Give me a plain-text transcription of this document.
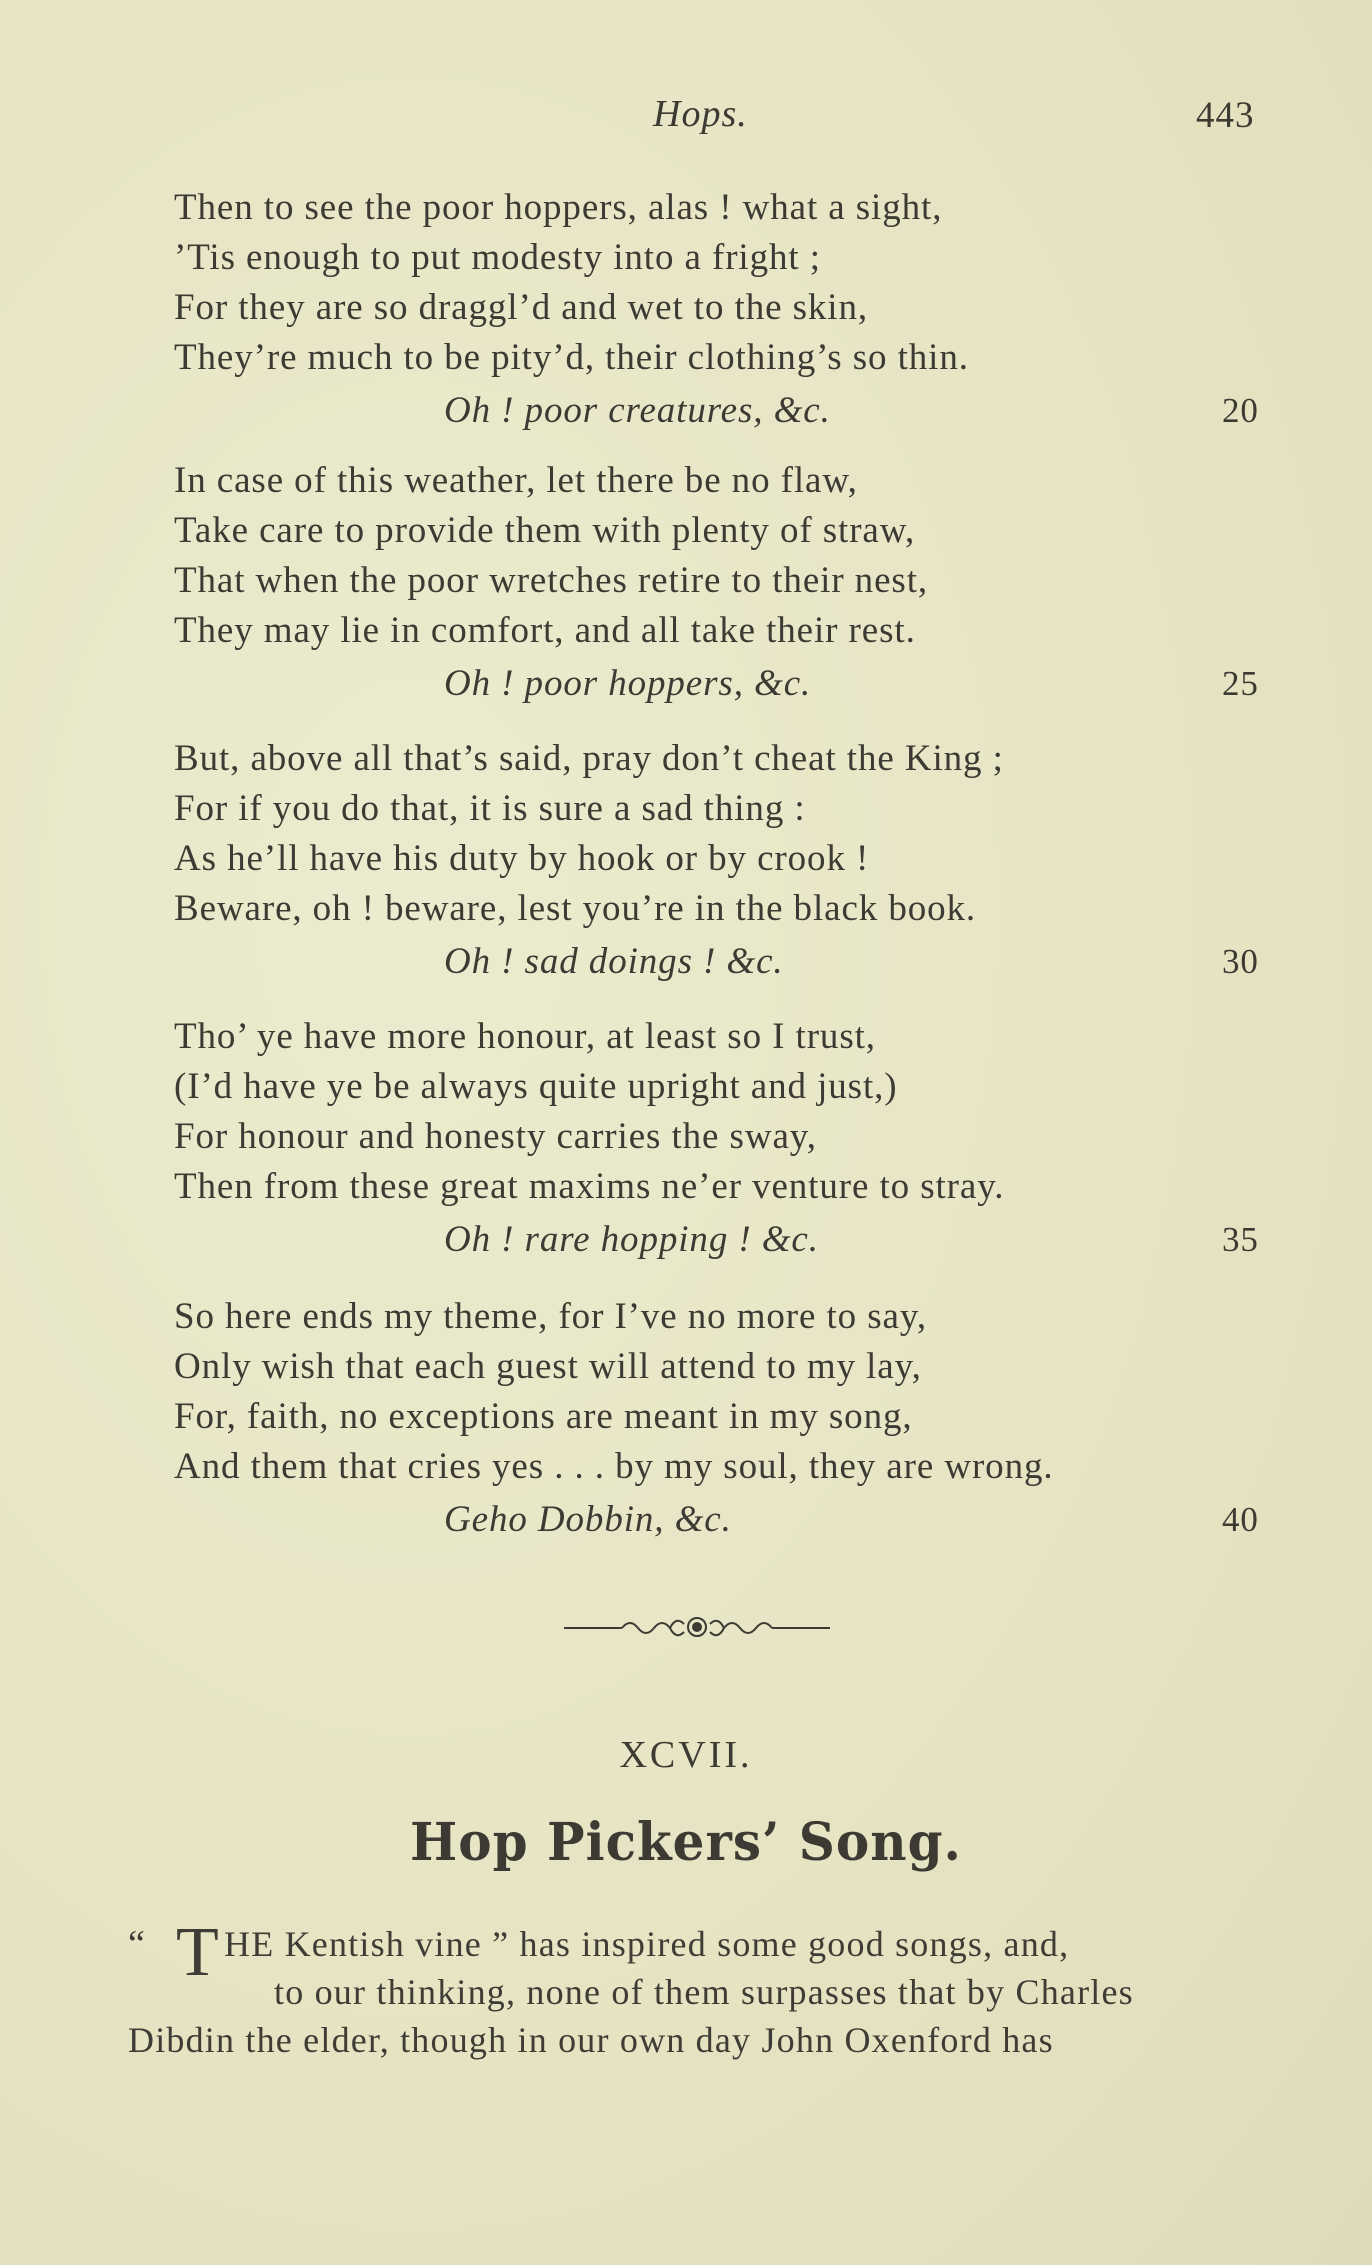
Hops.	443
Then to see the poor hoppers, alas ! what a sight,
’Tis enough to put modesty into a fright ;
For they are so draggl’d and wet to the skin,
They’re much to be pity’d, their clothing’s so thin.
Oh ! poor creatures, &c.	20
In case of this weather, let there be no flaw,
Take care to provide them with plenty of straw,
That when the poor wretches retire to their nest,
They may lie in comfort, and all take their rest.
Oh ! poor hoppers, &c.	25
But, above all that’s said, pray don’t cheat the King ;
For if you do that, it is sure a sad thing :
As he’ll have his duty by hook or by crook !
Beware, oh ! beware, lest you’re in the black book.
Oh ! sad doings ! &c.	30
Tho’ ye have more honour, at least so I trust,
(I’d have ye be always quite upright and just,)
For honour and honesty carries the sway,
Then from these great maxims ne’er venture to stray.
Oh ! rare hopping ! &c.	35
So here ends my theme, for I’ve no more to say,
Only wish that each guest will attend to my lay,
For, faith, no exceptions are meant in my song,
And them that cries yes . . . by my soul, they are wrong.
Geho Dobbin, &c.	40
XCVII.
Hop Pickers’ Song.
“ T HE Kentish vine ” has inspired some good songs, and,
to our thinking, none of them surpasses that by Charles
Dibdin the elder, though in our own day John Oxenford has
